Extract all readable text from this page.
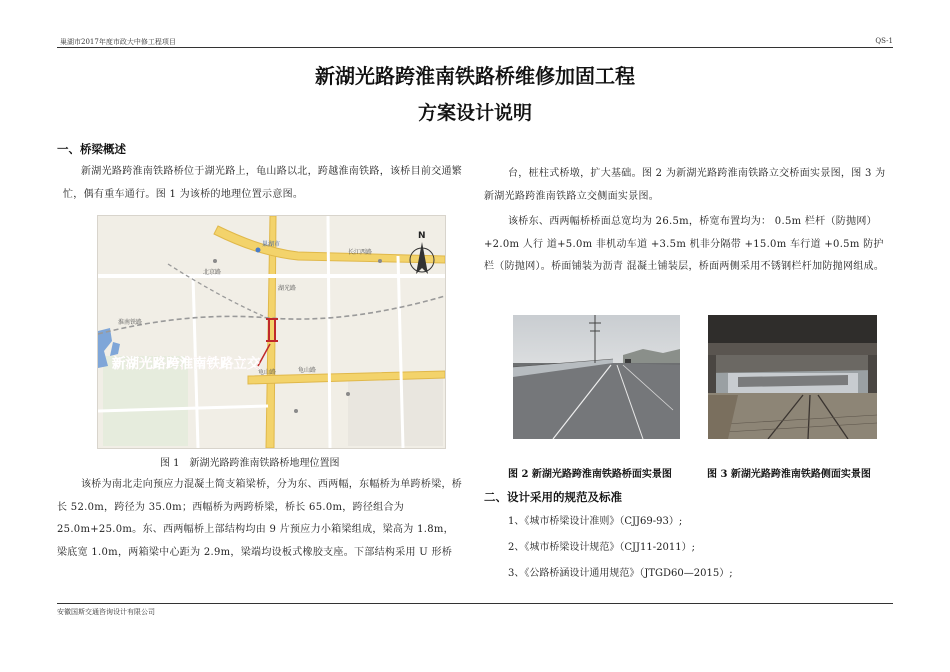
巢湖市2017年度市政大中修工程项目	QS-1
新湖光路跨淮南铁路桥维修加固工程
方案设计说明
一、桥梁概述

新湖光路跨淮南铁路桥位于湖光路上，龟山路以北，跨越淮南铁路，该桥目前交通繁忙，偶有重车通行。图 1 为该桥的地理位置示意图。

N
长江西路
龟山路	龟山路
湖光路
淮南铁路
巢湖市
北京路
新湖光路跨淮南铁路立交
图 1　新湖光路跨淮南铁路桥地理位置图

该桥为南北走向预应力混凝土简支箱梁桥，分为东、西两幅，东幅桥为单跨桥梁，桥长 52.0m，跨径为 35.0m；西幅桥为两跨桥梁，桥长 65.0m，跨径组合为 25.0m+25.0m。东、西两幅桥上部结构均由 9 片预应力小箱梁组成，梁高为 1.8m，梁底宽 1.0m，两箱梁中心距为 2.9m，梁端均设板式橡胶支座。下部结构采用 U 形桥

台，桩柱式桥墩，扩大基础。图 2 为新湖光路跨淮南铁路立交桥面实景图，图 3 为新湖光路跨淮南铁路立交侧面实景图。

该桥东、西两幅桥桥面总宽均为 26.5m，桥宽布置均为： 0.5m 栏杆（防抛网）+2.0m 人行 道+5.0m 非机动车道 +3.5m 机非分隔带 +15.0m 车行道 +0.5m 防护栏（防抛网）。桥面铺装为沥青 混凝土铺装层，桥面两侧采用不锈钢栏杆加防抛网组成。

图 2 新湖光路跨淮南铁路桥面实景图	图 3 新湖光路跨淮南铁路侧面实景图
二、设计采用的规范及标准
1、《城市桥梁设计准则》（CJJ69-93）;
2、《城市桥梁设计规范》（CJJ11-2011）;
3、《公路桥涵设计通用规范》（JTGD60—2015）;
安徽国斯交通咨询设计有限公司
